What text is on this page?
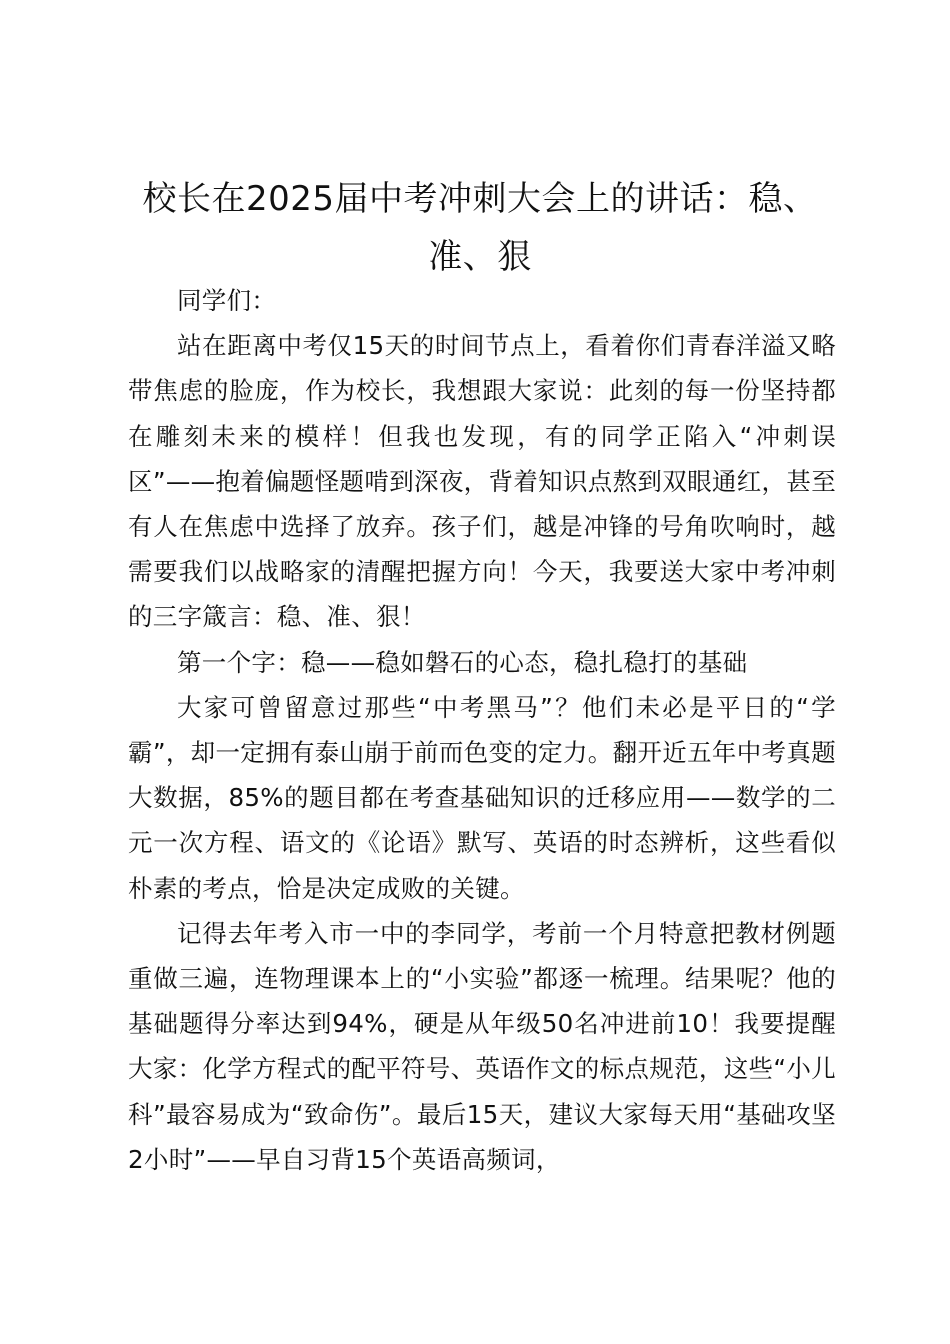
校长在2025届中考冲刺大会上的讲话：稳、准、狠

同学们：

站在距离中考仅15天的时间节点上，看着你们青春洋溢又略带焦虑的脸庞，作为校长，我想跟大家说：此刻的每一份坚持都在雕刻未来的模样！但我也发现，有的同学正陷入“冲刺误区”——抱着偏题怪题啃到深夜，背着知识点熬到双眼通红，甚至有人在焦虑中选择了放弃。孩子们，越是冲锋的号角吹响时，越需要我们以战略家的清醒把握方向！今天，我要送大家中考冲刺的三字箴言：稳、准、狠！

第一个字：稳——稳如磐石的心态，稳扎稳打的基础

大家可曾留意过那些“中考黑马”？他们未必是平日的“学霸”，却一定拥有泰山崩于前而色变的定力。翻开近五年中考真题大数据，85%的题目都在考查基础知识的迁移应用——数学的二元一次方程、语文的《论语》默写、英语的时态辨析，这些看似朴素的考点，恰是决定成败的关键。

记得去年考入市一中的李同学，考前一个月特意把教材例题重做三遍，连物理课本上的“小实验”都逐一梳理。结果呢？他的基础题得分率达到94%，硬是从年级50名冲进前10！我要提醒大家：化学方程式的配平符号、英语作文的标点规范，这些“小儿科”最容易成为“致命伤”。最后15天，建议大家每天用“基础攻坚2小时”——早自习背15个英语高频词，
